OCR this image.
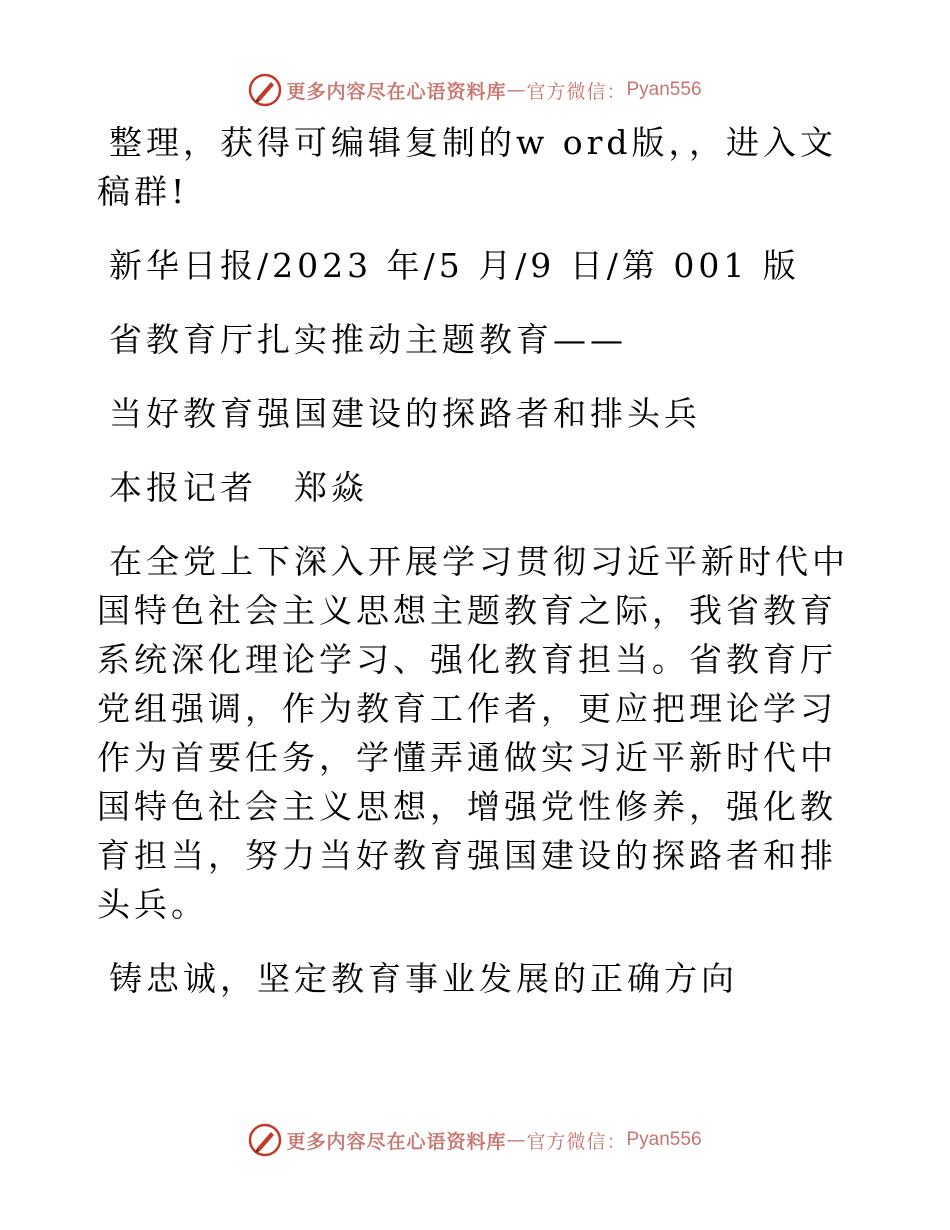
更多内容尽在心语资料库 — 官方微信： Pyan556

整理，获得可编辑复制的w ord版，，进入文稿群!

新华日报/2023 年/5 月/9 日/第 001 版

省教育厅扎实推动主题教育——

当好教育强国建设的探路者和排头兵

本报记者　郑焱

在全党上下深入开展学习贯彻习近平新时代中国特色社会主义思想主题教育之际，我省教育系统深化理论学习、强化教育担当。省教育厅党组强调，作为教育工作者，更应把理论学习作为首要任务，学懂弄通做实习近平新时代中国特色社会主义思想，增强党性修养，强化教育担当，努力当好教育强国建设的探路者和排头兵。

铸忠诚，坚定教育事业发展的正确方向

更多内容尽在心语资料库 — 官方微信： Pyan556
